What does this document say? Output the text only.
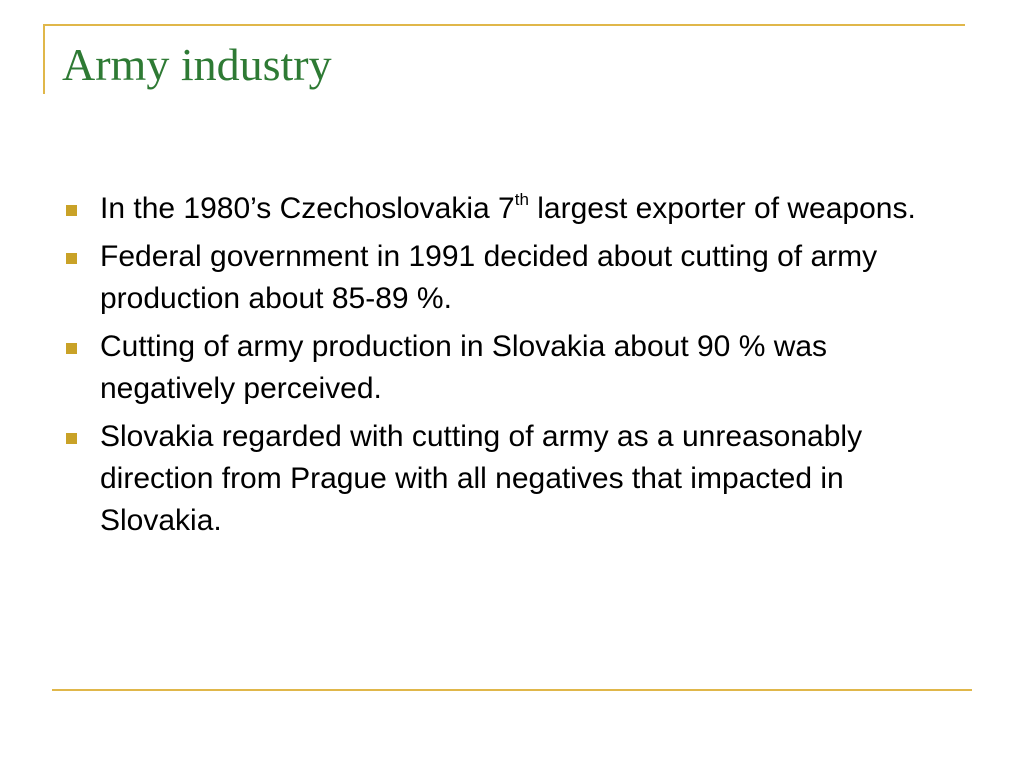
Army industry
In the 1980’s Czechoslovakia 7th largest exporter of weapons.
Federal government in 1991 decided about cutting of army production about 85-89 %.
Cutting of army production in Slovakia about 90 % was negatively perceived.
Slovakia regarded with cutting of army as a unreasonably direction from Prague with all negatives that impacted in Slovakia.
